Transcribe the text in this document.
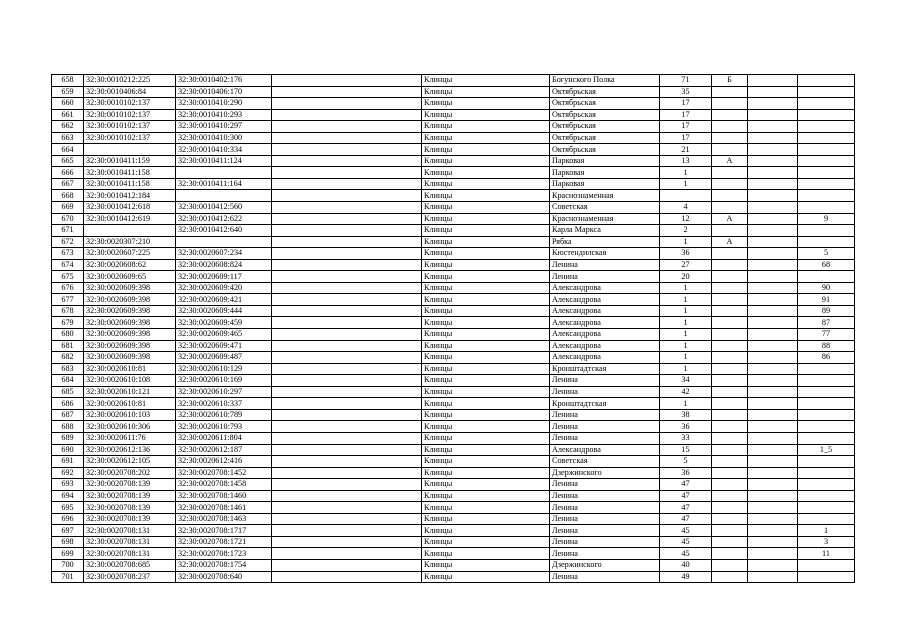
658	32:30:0010212:225	32:30:0010402:176		Клинцы	Богунского Полка	71	Б		
659	32:30:0010406:84	32:30:0010406:170		Клинцы	Октябрьская	35			
660	32:30:0010102:137	32:30:0010410:290		Клинцы	Октябрьская	17			
661	32:30:0010102:137	32:30:0010410:293		Клинцы	Октябрьская	17			
662	32:30:0010102:137	32:30:0010410:297		Клинцы	Октябрьская	17			
663	32:30:0010102:137	32:30:0010410:300		Клинцы	Октябрьская	17			
664		32:30:0010410:334		Клинцы	Октябрьская	21			
665	32:30:0010411:159	32:30:0010411:124		Клинцы	Парковая	13	А		
666	32:30:0010411:158			Клинцы	Парковая	1			
667	32:30:0010411:158	32:30:0010411:164		Клинцы	Парковая	1			
668	32:30:0010412:184			Клинцы	Краснознаменная				
669	32:30:0010412:618	32:30:0010412:560		Клинцы	Советская	4			
670	32:30:0010412:619	32:30:0010412:622		Клинцы	Краснознаменная	12	А		9
671		32:30:0010412:640		Клинцы	Карла Маркса	2			
672	32:30:0020307:210			Клинцы	Рябка	1	А		
673	32:30:0020607:225	32:30:0020607:234		Клинцы	Кюстендилская	36			5
674	32:30:0020608:62	32:30:0020608:824		Клинцы	Ленина	27			68
675	32:30:0020609:65	32:30:0020609:117		Клинцы	Ленина	20			
676	32:30:0020609:398	32:30:0020609:420		Клинцы	Александрова	1			90
677	32:30:0020609:398	32:30:0020609:421		Клинцы	Александрова	1			91
678	32:30:0020609:398	32:30:0020609:444		Клинцы	Александрова	1			89
679	32:30:0020609:398	32:30:0020609:459		Клинцы	Александрова	1			87
680	32:30:0020609:398	32:30:0020609:465		Клинцы	Александрова	1			77
681	32:30:0020609:398	32:30:0020609:471		Клинцы	Александрова	1			88
682	32:30:0020609:398	32:30:0020609:487		Клинцы	Александрова	1			86
683	32:30:0020610:81	32:30:0020610:129		Клинцы	Кронштадтская	1			
684	32:30:0020610:108	32:30:0020610:169		Клинцы	Ленина	34			
685	32:30:0020610:121	32:30:0020610:297		Клинцы	Ленина	42			
686	32:30:0020610:81	32:30:0020610:337		Клинцы	Кронштадтская	1			
687	32:30:0020610:103	32:30:0020610:789		Клинцы	Ленина	38			
688	32:30:0020610:306	32:30:0020610:793		Клинцы	Ленина	36			
689	32:30:0020611:76	32:30:0020611:804		Клинцы	Ленина	33			
690	32:30:0020612:136	32:30:0020612:187		Клинцы	Александрова	15			1_5
691	32:30:0020612:105	32:30:0020612:416		Клинцы	Советская	5			
692	32:30:0020708:202	32:30:0020708:1452		Клинцы	Дзержинского	36			
693	32:30:0020708:139	32:30:0020708:1458		Клинцы	Ленина	47			
694	32:30:0020708:139	32:30:0020708:1460		Клинцы	Ленина	47			
695	32:30:0020708:139	32:30:0020708:1461		Клинцы	Ленина	47			
696	32:30:0020708:139	32:30:0020708:1463		Клинцы	Ленина	47			
697	32:30:0020708:131	32:30:0020708:1717		Клинцы	Ленина	45			1
698	32:30:0020708:131	32:30:0020708:1721		Клинцы	Ленина	45			3
699	32:30:0020708:131	32:30:0020708:1723		Клинцы	Ленина	45			11
700	32:30:0020708:685	32:30:0020708:1754		Клинцы	Дзержинского	40			
701	32:30:0020708:237	32:30:0020708:640		Клинцы	Ленина	49			
